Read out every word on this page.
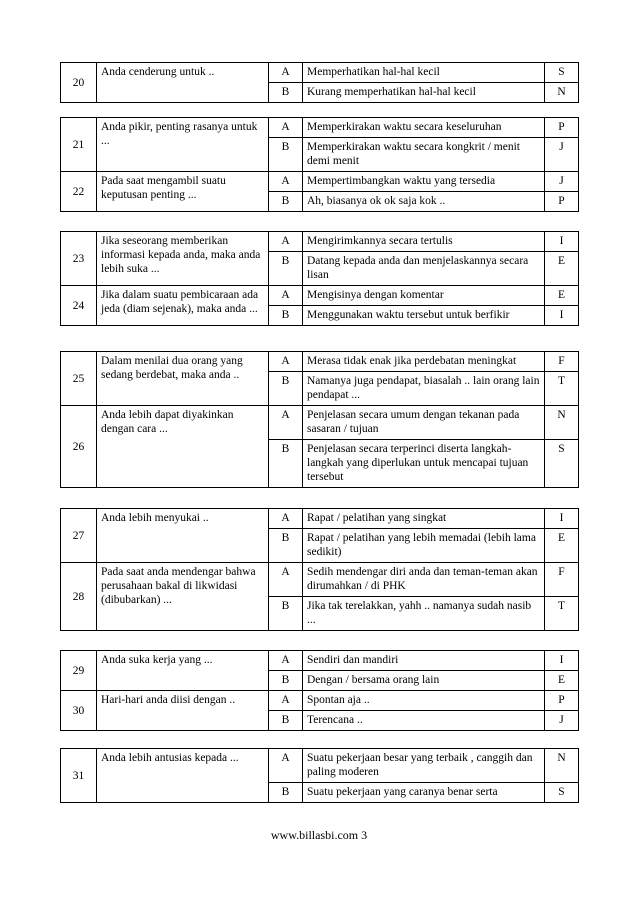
20	Anda cenderung untuk ..	A	Memperhatikan hal-hal kecil	S
		B	Kurang memperhatikan hal-hal kecil	N
21	Anda pikir, penting rasanya untuk ...	A	Memperkirakan waktu secara keseluruhan	P
		B	Memperkirakan waktu secara kongkrit / menit demi menit	J
22	Pada saat mengambil suatu keputusan penting ...	A	Mempertimbangkan waktu yang tersedia	J
		B	Ah, biasanya ok ok saja kok ..	P
23	Jika seseorang memberikan informasi kepada anda, maka anda lebih suka ...	A	Mengirimkannya secara tertulis	I
		B	Datang kepada anda dan menjelaskannya secara lisan	E
24	Jika dalam suatu pembicaraan ada jeda (diam sejenak), maka anda ...	A	Mengisinya dengan komentar	E
		B	Menggunakan waktu tersebut untuk berfikir	I
25	Dalam menilai dua orang yang sedang berdebat, maka anda ..	A	Merasa tidak enak jika perdebatan meningkat	F
		B	Namanya juga pendapat, biasalah .. lain orang lain pendapat ...	T
26	Anda lebih dapat diyakinkan dengan cara ...	A	Penjelasan secara umum dengan tekanan pada sasaran / tujuan	N
		B	Penjelasan secara terperinci diserta langkah-langkah yang diperlukan untuk mencapai tujuan tersebut	S
27	Anda lebih menyukai ..	A	Rapat / pelatihan yang singkat	I
		B	Rapat / pelatihan yang lebih memadai (lebih lama sedikit)	E
28	Pada saat anda mendengar bahwa perusahaan bakal di likwidasi (dibubarkan) ...	A	Sedih mendengar diri anda dan teman-teman akan dirumahkan / di PHK	F
		B	Jika tak terelakkan, yahh .. namanya sudah nasib ...	T
29	Anda suka kerja yang ...	A	Sendiri dan mandiri	I
		B	Dengan / bersama orang lain	E
30	Hari-hari anda diisi dengan ..	A	Spontan aja ..	P
		B	Terencana ..	J
31	Anda lebih antusias kepada ...	A	Suatu pekerjaan besar yang terbaik , canggih dan paling moderen	N
		B	Suatu pekerjaan yang caranya benar serta	S
www.billasbi.com 3
